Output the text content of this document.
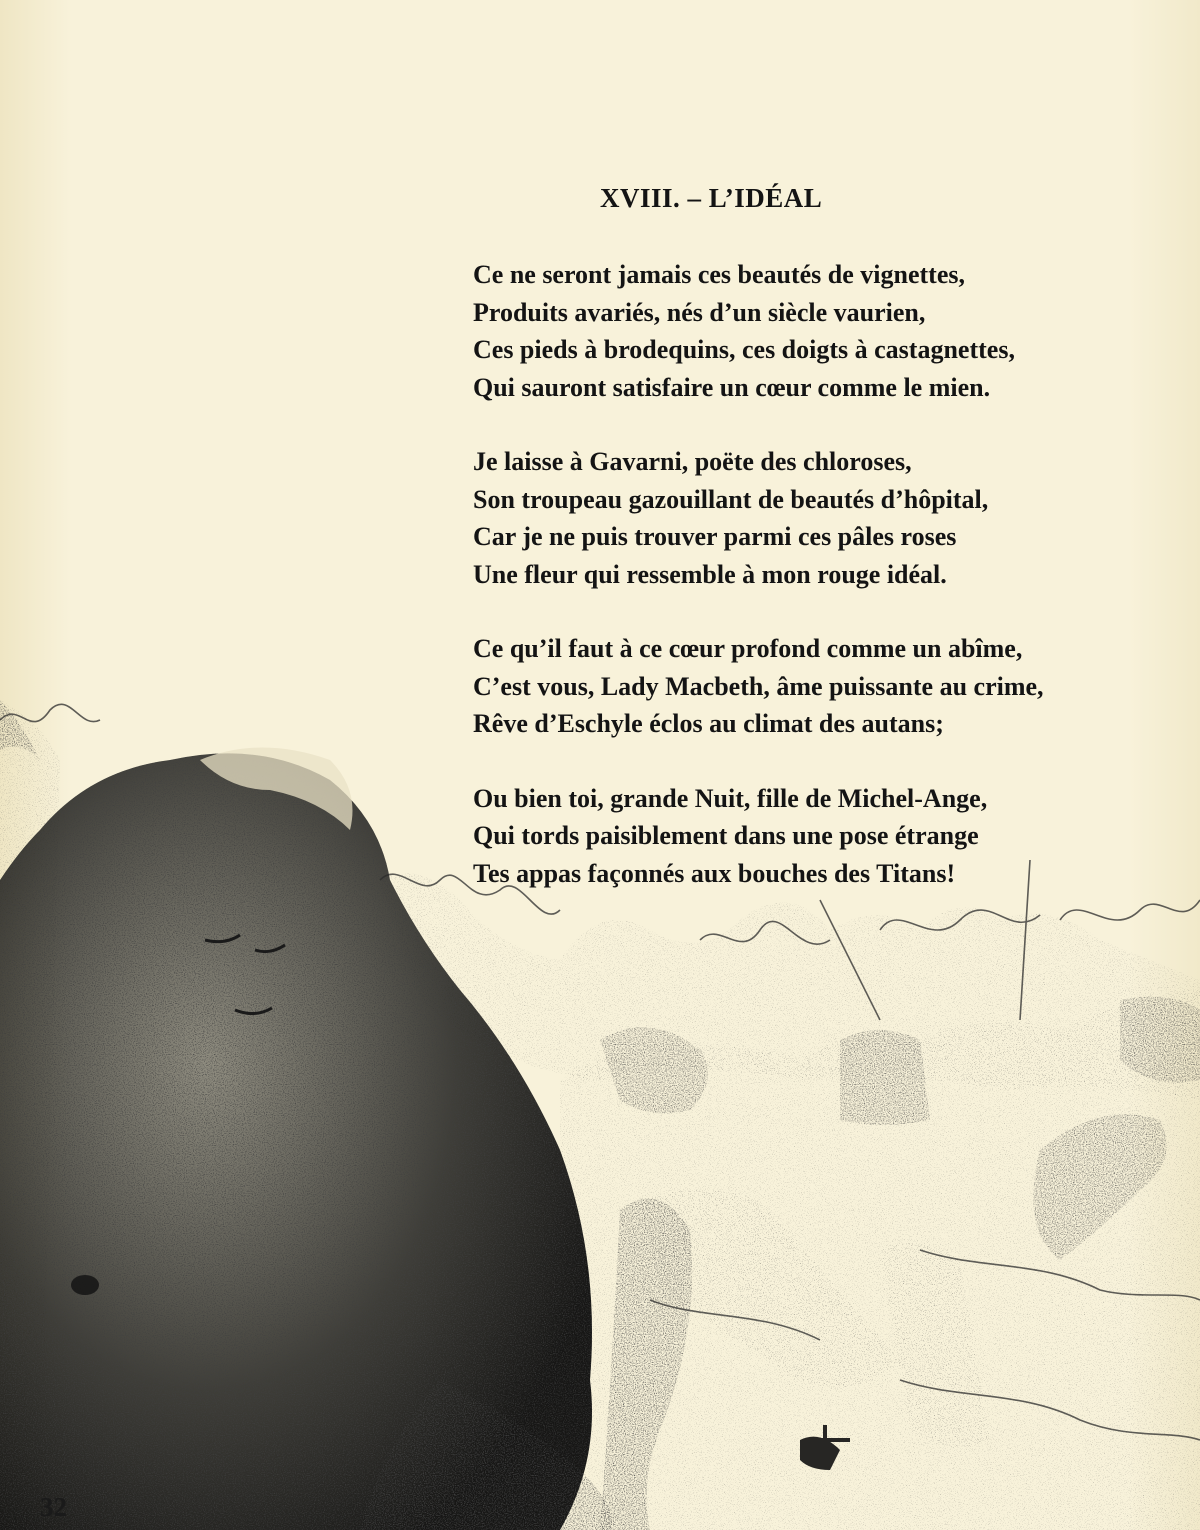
XVIII. – L’IDÉAL
Ce ne seront jamais ces beautés de vignettes,
Produits avariés, nés d’un siècle vaurien,
Ces pieds à brodequins, ces doigts à castagnettes,
Qui sauront satisfaire un cœur comme le mien.
Je laisse à Gavarni, poëte des chloroses,
Son troupeau gazouillant de beautés d’hôpital,
Car je ne puis trouver parmi ces pâles roses
Une fleur qui ressemble à mon rouge idéal.
Ce qu’il faut à ce cœur profond comme un abîme,
C’est vous, Lady Macbeth, âme puissante au crime,
Rêve d’Eschyle éclos au climat des autans;
Ou bien toi, grande Nuit, fille de Michel-Ange,
Qui tords paisiblement dans une pose étrange
Tes appas façonnés aux bouches des Titans!
32
